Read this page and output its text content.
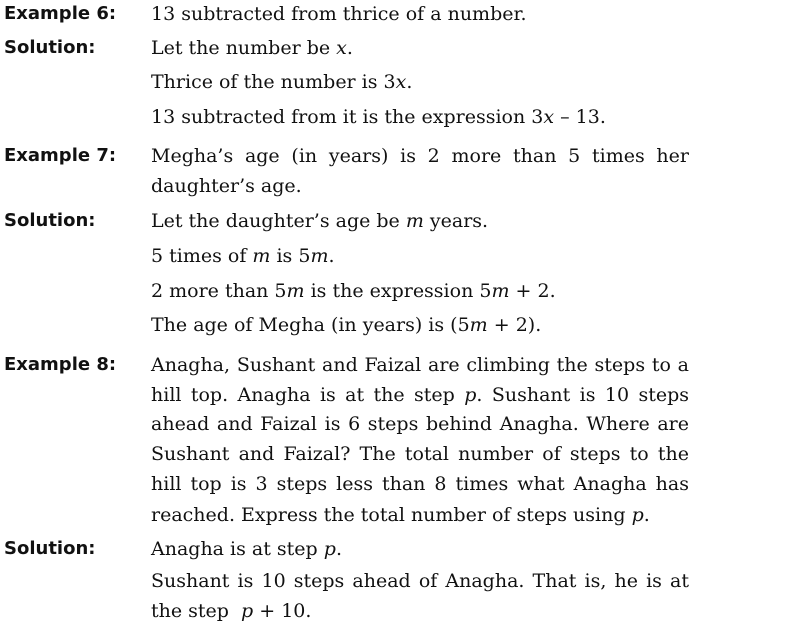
Example 6: 13 subtracted from thrice of a number.
Solution:	Let the number be x.
Thrice of the number is 3x.
13 subtracted from it is the expression 3x – 13.
Example 7: Megha’s age (in years) is 2 more than 5 times her
daughter’s age.
Solution:	Let the daughter’s age be m years.
5 times of m is 5m.
2 more than 5m is the expression 5m + 2.
The age of Megha (in years) is (5m + 2).
Example 8: Anagha, Sushant and Faizal are climbing the steps to a
hill top. Anagha is at the step p. Sushant is 10 steps
ahead and Faizal is 6 steps behind Anagha. Where are
Sushant and Faizal? The total number of steps to the
hill top is 3 steps less than 8 times what Anagha has
reached. Express the total number of steps using p.
Solution:	Anagha is at step p.
Sushant is 10 steps ahead of Anagha. That is, he is at
the step  p + 10.
